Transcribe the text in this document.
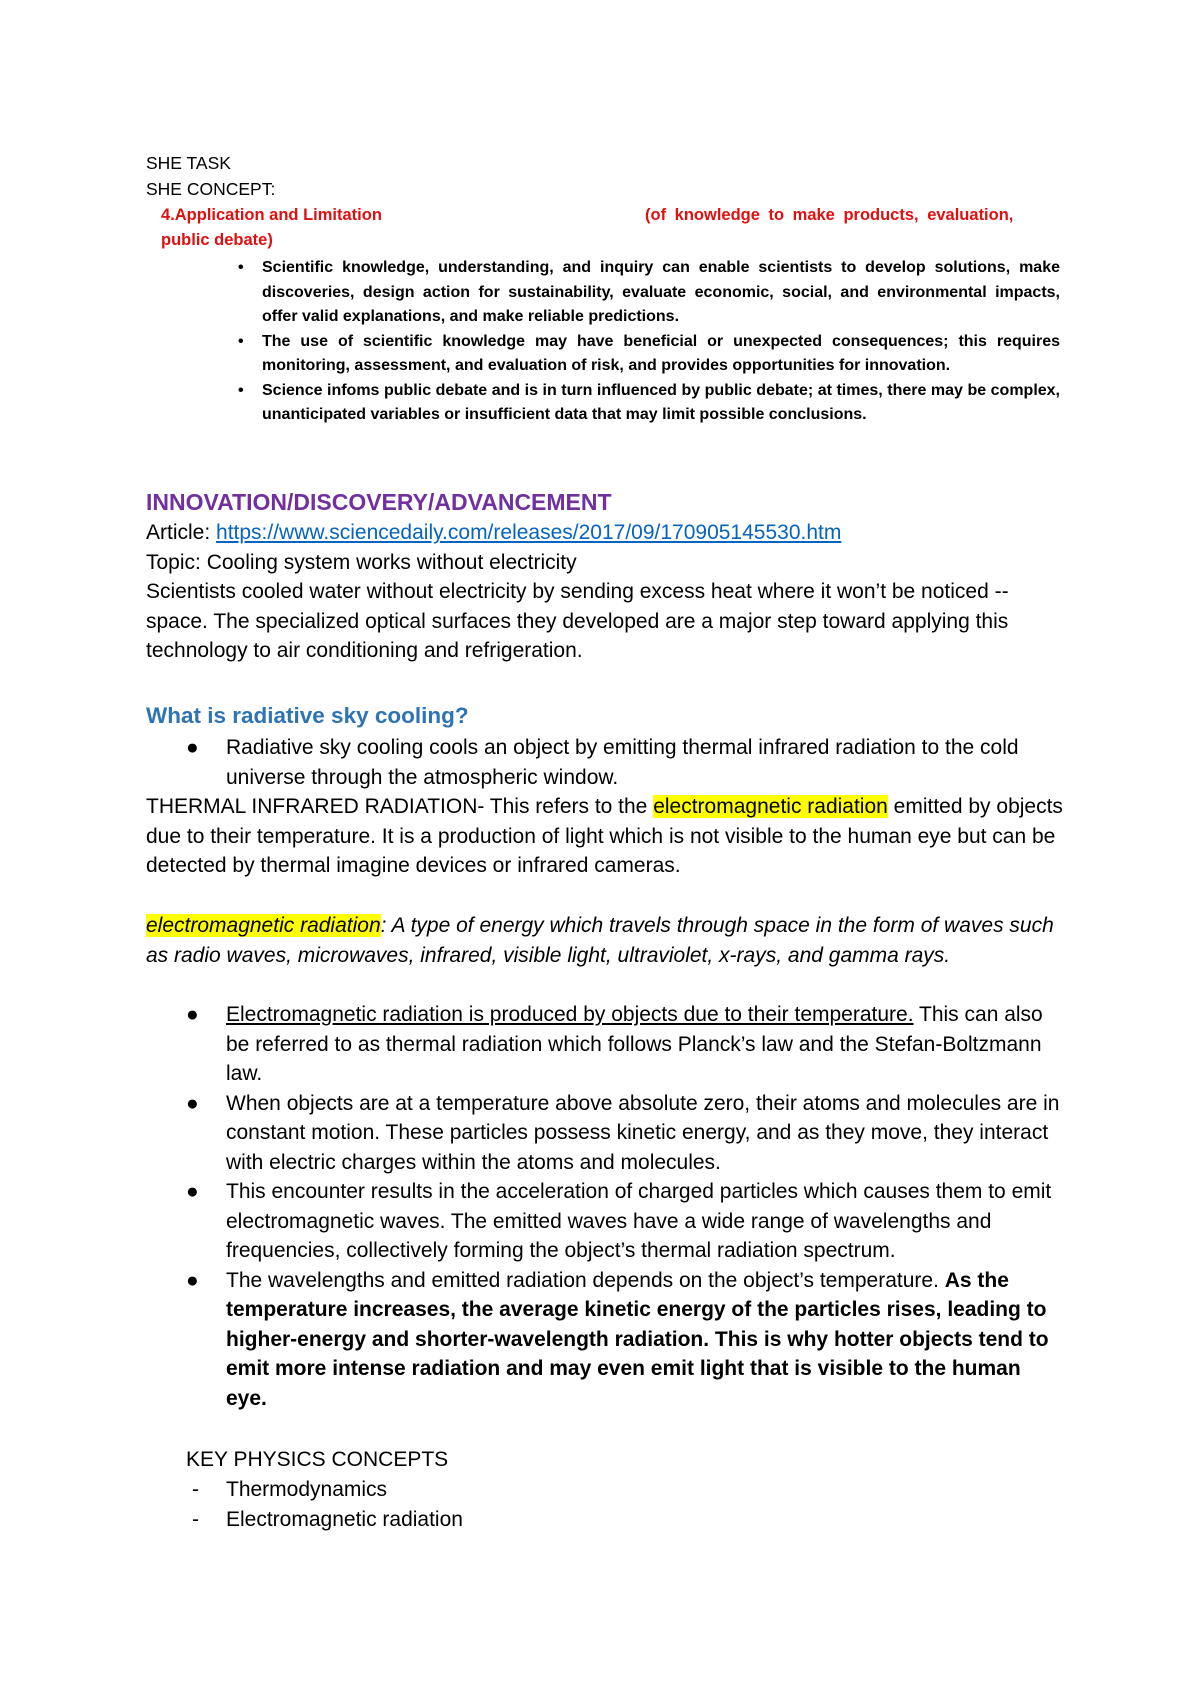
SHE TASK
SHE CONCEPT:
4.Application and Limitation	(of knowledge to make products, evaluation,
public debate)
• Scientific knowledge, understanding, and inquiry can enable scientists to develop solutions, make discoveries, design action for sustainability, evaluate economic, social, and environmental impacts, offer valid explanations, and make reliable predictions.
• The use of scientific knowledge may have beneficial or unexpected consequences; this requires monitoring, assessment, and evaluation of risk, and provides opportunities for innovation.
• Science infoms public debate and is in turn influenced by public debate; at times, there may be complex, unanticipated variables or insufficient data that may limit possible conclusions.
INNOVATION/DISCOVERY/ADVANCEMENT
Article: https://www.sciencedaily.com/releases/2017/09/170905145530.htm
Topic: Cooling system works without electricity
Scientists cooled water without electricity by sending excess heat where it won’t be noticed -- space. The specialized optical surfaces they developed are a major step toward applying this technology to air conditioning and refrigeration.
What is radiative sky cooling?
● Radiative sky cooling cools an object by emitting thermal infrared radiation to the cold universe through the atmospheric window.
THERMAL INFRARED RADIATION- This refers to the electromagnetic radiation emitted by objects due to their temperature. It is a production of light which is not visible to the human eye but can be detected by thermal imagine devices or infrared cameras.
electromagnetic radiation: A type of energy which travels through space in the form of waves such as radio waves, microwaves, infrared, visible light, ultraviolet, x-rays, and gamma rays.
● Electromagnetic radiation is produced by objects due to their temperature. This can also be referred to as thermal radiation which follows Planck’s law and the Stefan-Boltzmann law.
● When objects are at a temperature above absolute zero, their atoms and molecules are in constant motion. These particles possess kinetic energy, and as they move, they interact with electric charges within the atoms and molecules.
● This encounter results in the acceleration of charged particles which causes them to emit electromagnetic waves. The emitted waves have a wide range of wavelengths and frequencies, collectively forming the object’s thermal radiation spectrum.
● The wavelengths and emitted radiation depends on the object’s temperature. As the temperature increases, the average kinetic energy of the particles rises, leading to higher-energy and shorter-wavelength radiation. This is why hotter objects tend to emit more intense radiation and may even emit light that is visible to the human eye.
KEY PHYSICS CONCEPTS
- Thermodynamics
- Electromagnetic radiation
